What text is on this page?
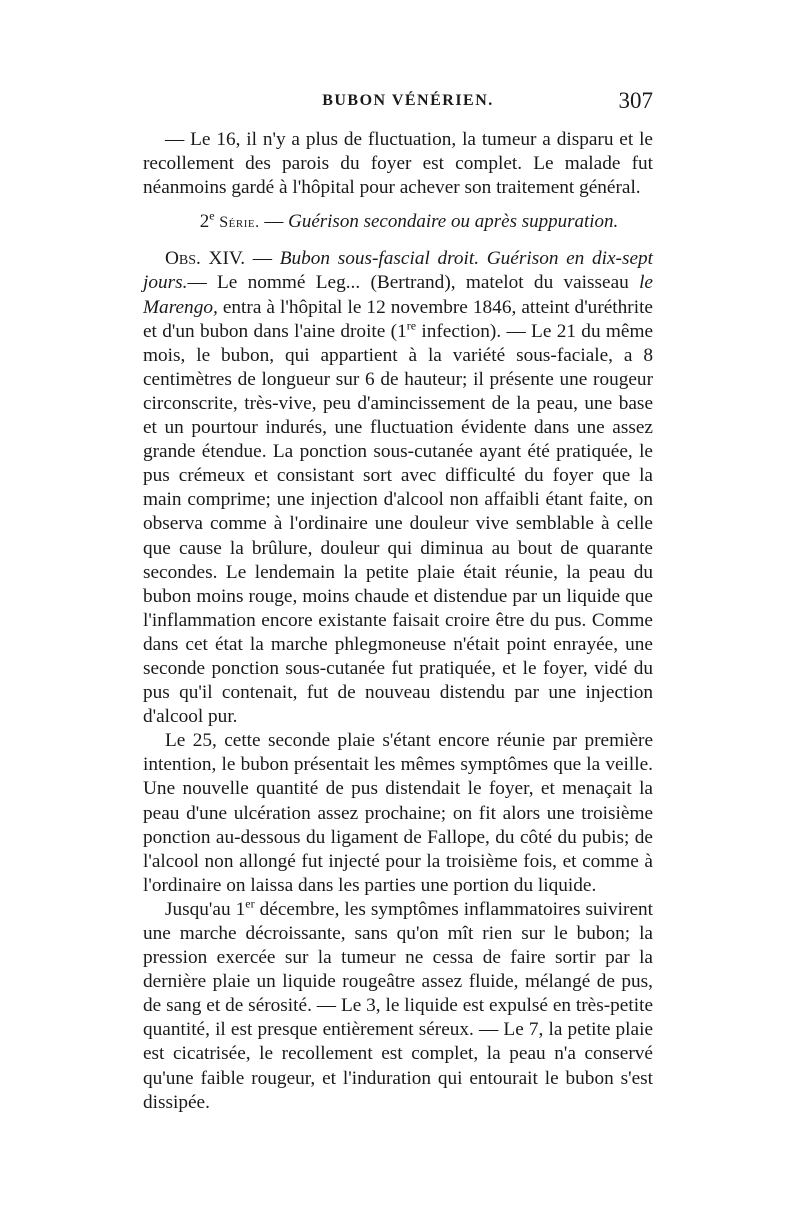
BUBON VÉNÉRIEN.	307

— Le 16, il n'y a plus de fluctuation, la tumeur a disparu et le recollement des parois du foyer est complet. Le malade fut néanmoins gardé à l'hôpital pour achever son traitement général.

2e Série. — Guérison secondaire ou après suppuration.

Obs. XIV. — Bubon sous-fascial droit. Guérison en dix-sept jours.— Le nommé Leg... (Bertrand), matelot du vaisseau le Marengo, entra à l'hôpital le 12 novembre 1846, atteint d'uréthrite et d'un bubon dans l'aine droite (1re infection). — Le 21 du même mois, le bubon, qui appartient à la variété sous-faciale, a 8 centimètres de longueur sur 6 de hauteur; il présente une rougeur circonscrite, très-vive, peu d'amincissement de la peau, une base et un pourtour indurés, une fluctuation évidente dans une assez grande étendue. La ponction sous-cutanée ayant été pratiquée, le pus crémeux et consistant sort avec difficulté du foyer que la main comprime; une injection d'alcool non affaibli étant faite, on observa comme à l'ordinaire une douleur vive semblable à celle que cause la brûlure, douleur qui diminua au bout de quarante secondes. Le lendemain la petite plaie était réunie, la peau du bubon moins rouge, moins chaude et distendue par un liquide que l'inflammation encore existante faisait croire être du pus. Comme dans cet état la marche phlegmoneuse n'était point enrayée, une seconde ponction sous-cutanée fut pratiquée, et le foyer, vidé du pus qu'il contenait, fut de nouveau distendu par une injection d'alcool pur.

Le 25, cette seconde plaie s'étant encore réunie par première intention, le bubon présentait les mêmes symptômes que la veille. Une nouvelle quantité de pus distendait le foyer, et menaçait la peau d'une ulcération assez prochaine; on fit alors une troisième ponction au-dessous du ligament de Fallope, du côté du pubis; de l'alcool non allongé fut injecté pour la troisième fois, et comme à l'ordinaire on laissa dans les parties une portion du liquide.

Jusqu'au 1er décembre, les symptômes inflammatoires suivirent une marche décroissante, sans qu'on mît rien sur le bubon; la pression exercée sur la tumeur ne cessa de faire sortir par la dernière plaie un liquide rougeâtre assez fluide, mélangé de pus, de sang et de sérosité. — Le 3, le liquide est expulsé en très-petite quantité, il est presque entièrement séreux. — Le 7, la petite plaie est cicatrisée, le recollement est complet, la peau n'a conservé qu'une faible rougeur, et l'induration qui entourait le bubon s'est dissipée.
